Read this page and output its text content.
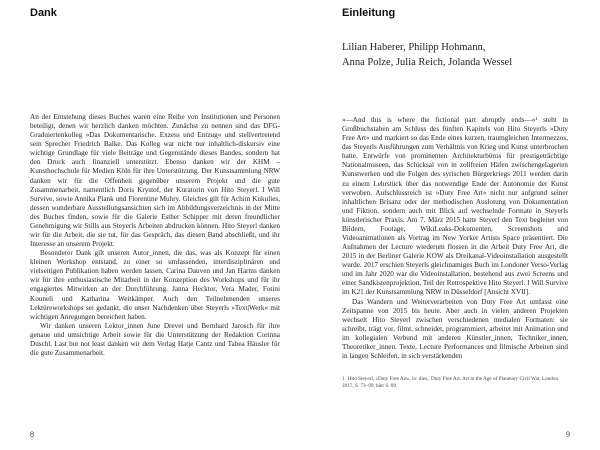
Dank

An der Entstehung dieses Buches waren eine Reihe von Institutionen und Personen beteiligt, denen wir herzlich danken möchten. Zunächst zu nennen sind das DFG-Graduiertenkolleg »Das Dokumentarische. Exzess und Entzug« und stellvertretend sein Sprecher Friedrich Balke. Das Kolleg war nicht nur inhaltlich-diskursiv eine wichtige Grundlage für viele Beiträge und Gegenstände dieses Bandes, sondern hat den Druck auch finanziell unterstützt. Ebenso danken wir der KHM – Kunsthochschule für Medien Köln für ihre Unterstützung. Der Kunstsammlung NRW danken wir für die Offenheit gegenüber unserem Projekt und die gute Zusammenarbeit, namentlich Doris Krystof, der Kuratorin von Hito Steyerl. I Will Survive, sowie Annika Plank und Florentine Muhry. Gleiches gilt für Achim Kukulies, dessen wunderbare Ausstellungsansichten sich im Abbildungsverzeichnis in der Mitte des Buches finden, sowie für die Galerie Esther Schipper mit deren freundlicher Genehmigung wir Stills aus Steyerls Arbeiten abdrucken können. Hito Steyerl danken wir für die Arbeit, die sie tut, für das Gespräch, das diesen Band abschließt, und ihr Interesse an unserem Projekt.

Besonderer Dank gilt unseren Autor_innen, die das, was als Konzept für einen kleinen Workshop entstand, zu einer so umfassenden, interdisziplinären und vielseitigen Publikation haben werden lassen. Carina Dauven und Jan Harms danken wir für ihre enthusiastische Mitarbeit in der Konzeption des Workshops und für ihr engagiertes Mitwirken an der Durchführung. Janna Hecktor, Vera Mader, Fotini Kouneli und Katharina Weitkämper. Auch den Teilnehmenden unseres Lektüreworkshops sei gedankt, die unser Nachdenken über Steyerls »Text|Werk« mit wichtigen Anregungen bereichert haben.

Wir danken unseren Lektor_innen June Drevet und Bernhard Jarosch für ihre genaue und umsichtige Arbeit sowie für die Unterstützung der Redaktion Corinna Duschl. Last but not least danken wir dem Verlag Hatje Cantz und Tabea Häusler für die gute Zusammenarbeit.

8
Einleitung
Lilian Haberer, Philipp Hohmann,
Anna Polze, Julia Reich, Jolanda Wessel

»—And this is where the fictional part abruptly ends—«¹ steht in Großbuchstaben am Schluss des fünften Kapitels von Hito Steyerls »Duty Free Art« und markiert so das Ende eines kurzen, traumgleichen Intermezzos, das Steyerls Ausführungen zum Verhältnis von Krieg und Kunst unterbrochen hatte. Entwürfe von prominenten Architekturbüros für prestigeträchtige Nationalmuseen, das Schicksal von in zollfreien Häfen zwischengelagerten Kunstwerken und die Folgen des syrischen Bürgerkriegs 2011 werden darin zu einem Lehrstück über das notwendige Ende der Autonomie der Kunst verwoben. Aufschlussreich ist »Duty Free Art« nicht nur aufgrund seiner inhaltlichen Brisanz oder der methodischen Auslotung von Dokumentation und Fiktion, sondern auch mit Blick auf wechselnde Formate in Steyerls künstlerischer Praxis. Am 7. März 2015 hatte Steyerl den Text begleitet von Bildern, Footage, WikiLeaks-Dokumenten, Screenshots und Videoanimationen als Vortrag im New Yorker Artists Space präsentiert. Die Aufnahmen der Lecture wiederum flossen in die Arbeit Duty Free Art, die 2015 in der Berliner Galerie KOW als Dreikanal-Videoinstallation ausgestellt wurde. 2017 erschien Steyerls gleichnamiges Buch im Londoner Verso-Verlag und im Jahr 2020 war die Videoinstallation, bestehend aus zwei Screens und einer Sandkistenprojektion, Teil der Retrospektive Hito Steyerl. I Will Survive im K21 der Kunstsammlung NRW in Düsseldorf [Ansicht XVII].

Das Wandern und Weiterverarbeiten von Duty Free Art umfasst eine Zeitspanne von 2015 bis heute. Aber auch in vielen anderen Projekten wechselt Hito Steyerl zwischen verschiedenen medialen Formaten: sie schreibt, trägt vor, filmt, schneidet, programmiert, arbeitet mit Animation und im kollegialen Verbund mit anderen Künstler_innen, Techniker_innen, Theoretiker_innen. Texte, Lecture Performances und filmische Arbeiten sind in langen Schleifen, in sich verstärkenden

1 Hito Steyerl, »Duty Free Art«, in: dies., Duty Free Art. Art in the Age of Planetary Civil War, London 2017, S. 73–99, hier S. 89.
9
